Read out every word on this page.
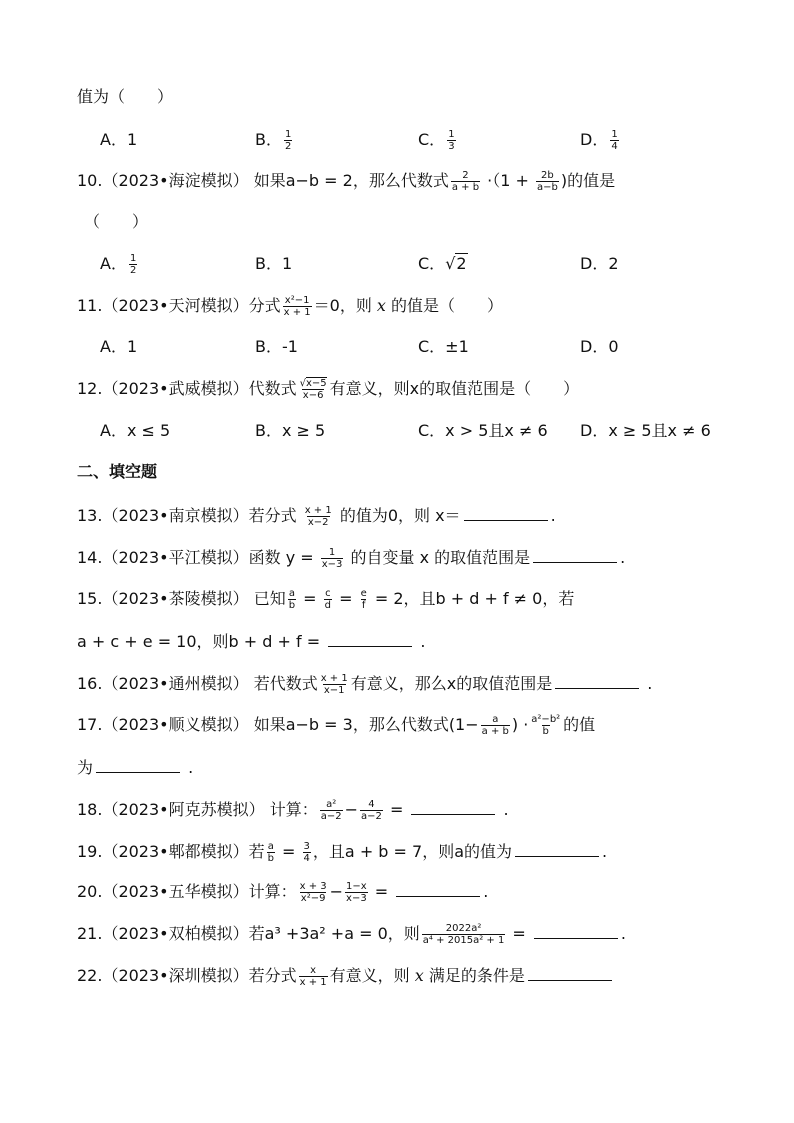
值为（　　）
A．1	B． $\frac{1}{2}$	C． $\frac{1}{3}$	D． $\frac{1}{4}$
10.（2023•海淀模拟） 如果a−b = 2，那么代数式 $\frac{2}{a + b} \cdot(1 + \frac{2b}{a-b}$ )的值是
（　　）
A． $\frac{1}{2}$	B．1	C．√2	D．2
11.（2023•天河模拟）分式 $\frac{\text{x²−1}}{x + 1} =0$，则 x 的值是（　　）
A．1	B．-1	C．±1	D．0
12.（2023•武威模拟）代数式 $\frac{√x-5}{x-6}$ 有意义，则x的取值范围是（　　）
A．x ≤ 5	B．x ≥ 5	C．x > 5且x ≠ 6 D．x ≥ 5且x ≠ 6
二、填空题
13.（2023•南京模拟）若分式 $\frac{x + 1}{x-2}$ 的值为0，则 x＝	.
14.（2023•平江模拟）函数 $y = \frac{1}{x-3}$ 的自变量 x 的取值范围是	.
15.（2023•茶陵模拟） 已知 $\frac{a}{b} = \frac{c}{d} = \frac{e}{f} = 2$，且b + d + f ≠ 0，若
a + c + e = 10，则b + d + f =	.
16.（2023•通州模拟） 若代数式 $\frac{x + 1}{x-1}$ 有意义，那么x的取值范围是	.
17.（2023•顺义模拟） 如果a−b = 3，那么代数式($1- \frac{a}{a + b}$ ) · $\frac{\text{a²−b²}}{b}$ 的值
为	.
18.（2023•阿克苏模拟） 计算： $\frac{\text{a²}}{a-2} - \frac{4}{a-2}$ =	.
19.（2023•郫都模拟）若 $\frac{a}{b} = \frac{3}{4}$ ，且a + b = 7，则a的值为	.
20.（2023•五华模拟）计算： $\frac{x + 3}{\text{x²−9}} - \frac{1-x}{x-3}$ =	.
21.（2023•双柏模拟）若a³ +3a² +a = 0，则 $\frac{\text{2022a²}}{\text{a⁴ + 2015a² + 1}}$ =	.
22.（2023•深圳模拟）若分式 $\frac{x}{x + 1}$ 有意义，则 x 满足的条件是
